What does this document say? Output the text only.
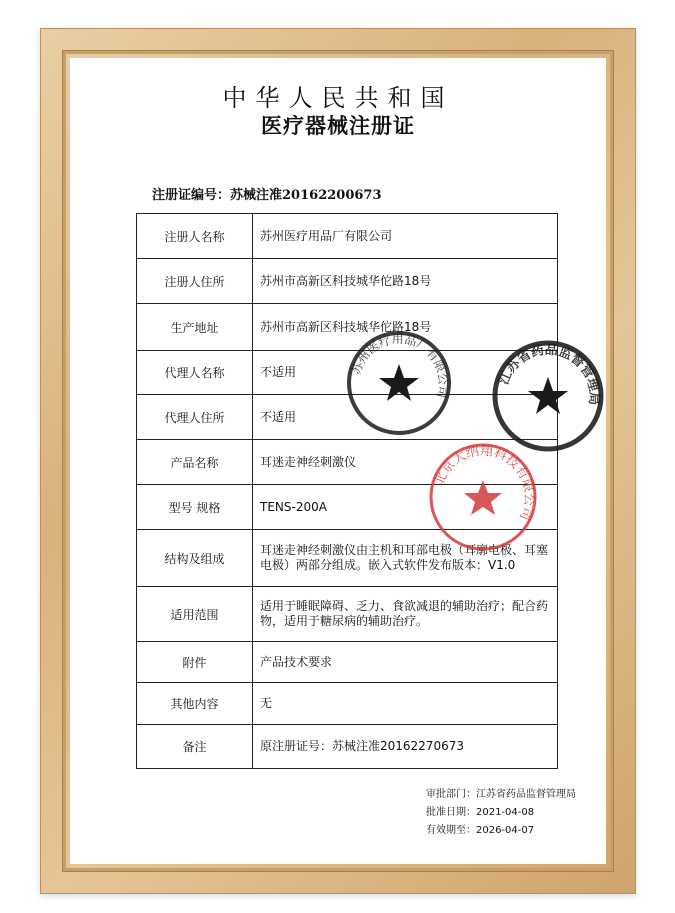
中华人民共和国
医疗器械注册证
注册证编号：苏械注准20162200673
注册人名称	苏州医疗用品厂有限公司
注册人住所	苏州市高新区科技城华佗路18号
生产地址	苏州市高新区科技城华佗路18号
代理人名称	不适用
代理人住所	不适用
产品名称	耳迷走神经刺激仪
型号 规格	TENS-200A
结构及组成	耳迷走神经刺激仪由主机和耳部电极（耳廓电极、耳塞电极）两部分组成。嵌入式软件发布版本：V1.0
适用范围	适用于睡眠障碍、乏力、食欲减退的辅助治疗；配合药物，适用于糖尿病的辅助治疗。
附件	产品技术要求
其他内容	无
备注	原注册证号：苏械注准20162270673
苏州医疗用品厂有限公司
江苏省药品监督管理局
北京大纳翔科技有限公司
审批部门：江苏省药品监督管理局
批准日期：2021-04-08
有效期至：2026-04-07
